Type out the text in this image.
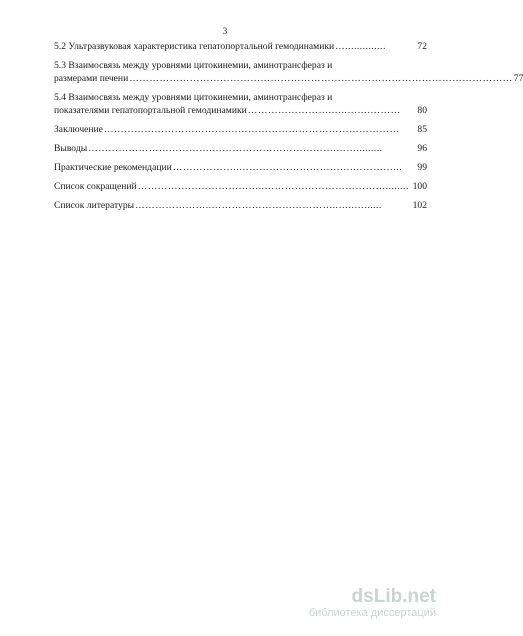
3
5.2 Ультразвуковая характеристика гепатопортальной гемодинамики …..............	72
5.3 Взаимосвязь между уровнями цитокинемии, аминотрансфераз и
размерами печени …………………………………………………………………………………………………… 77
5.4 Взаимосвязь между уровнями цитокинемии, аминотрансфераз и
показателями гепатопортальной гемодинамики …………………….…..…….………	80
Заключение ……………………………….……………………………………………	85
Выводы ……………………………….……………………………….…….........	96
Практические рекомендации ………………..…………………………….…………...	99
Список сокращений ………………………………..………………………………........ 100
Список литературы …………………..………………………………..…..…......	102
dsLib.net
библиотека диссертаций
